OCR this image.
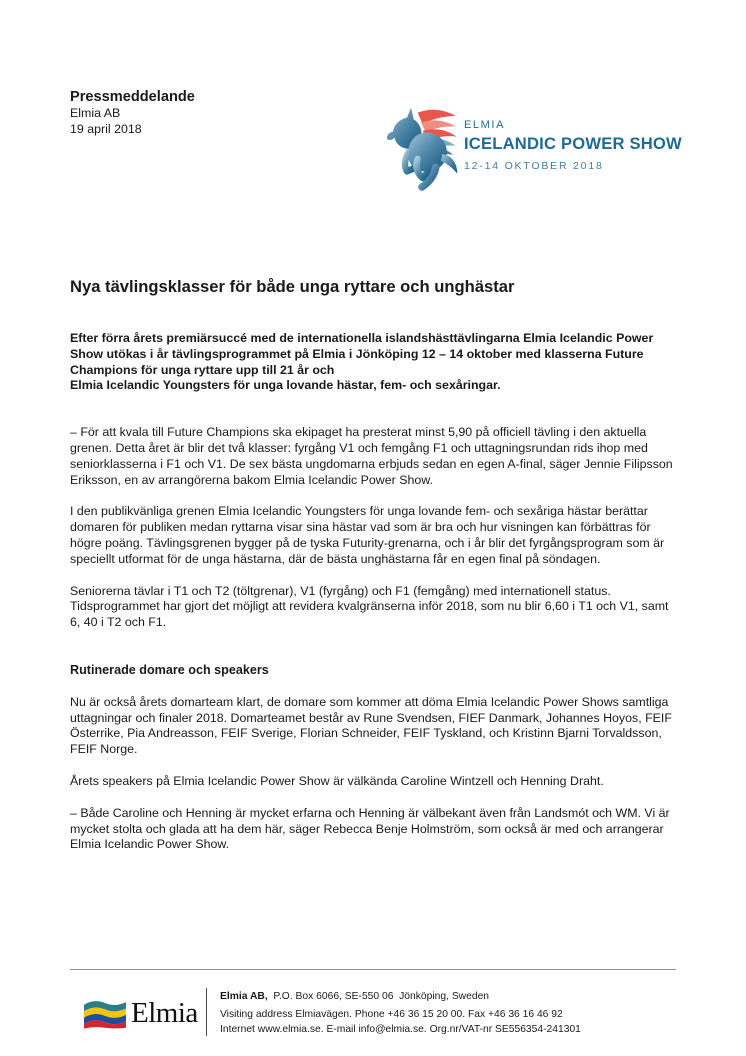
Pressmeddelande
Elmia AB
19 april 2018	ELMIA
ICELANDIC POWER SHOW
12-14 OKTOBER 2018
Nya tävlingsklasser för både unga ryttare och unghästar

Efter förra årets premiärsuccé med de internationella islandshästtävlingarna Elmia Icelandic Power Show utökas i år tävlingsprogrammet på Elmia i Jönköping 12 – 14 oktober med klasserna Future Champions för unga ryttare upp till 21 år och
Elmia Icelandic Youngsters för unga lovande hästar, fem- och sexåringar.

– För att kvala till Future Champions ska ekipaget ha presterat minst 5,90 på officiell tävling i den aktuella grenen. Detta året är blir det två klasser: fyrgång V1 och femgång F1 och uttagningsrundan rids ihop med seniorklasserna i F1 och V1. De sex bästa ungdomarna erbjuds sedan en egen A-final, säger Jennie Filipsson Eriksson, en av arrangörerna bakom Elmia Icelandic Power Show.

I den publikvänliga grenen Elmia Icelandic Youngsters för unga lovande fem- och sexåriga hästar berättar domaren för publiken medan ryttarna visar sina hästar vad som är bra och hur visningen kan förbättras för högre poäng. Tävlingsgrenen bygger på de tyska Futurity-grenarna, och i år blir det fyrgångsprogram som är speciellt utformat för de unga hästarna, där de bästa unghästarna får en egen final på söndagen.

Seniorerna tävlar i T1 och T2 (töltgrenar), V1 (fyrgång) och F1 (femgång) med internationell status. Tidsprogrammet har gjort det möjligt att revidera kvalgränserna inför 2018, som nu blir 6,60 i T1 och V1, samt 6, 40 i T2 och F1.

Rutinerade domare och speakers

Nu är också årets domarteam klart, de domare som kommer att döma Elmia Icelandic Power Shows samtliga uttagningar och finaler 2018. Domarteamet består av Rune Svendsen, FIEF Danmark, Johannes Hoyos, FEIF Österrike, Pia Andreasson, FEIF Sverige, Florian Schneider, FEIF Tyskland, och Kristinn Bjarni Torvaldsson, FEIF Norge.

Årets speakers på Elmia Icelandic Power Show är välkända Caroline Wintzell och Henning Draht.

– Både Caroline och Henning är mycket erfarna och Henning är välbekant även från Landsmót och WM. Vi är mycket stolta och glada att ha dem här, säger Rebecca Benje Holmström, som också är med och arrangerar Elmia Icelandic Power Show.

Elmia
Elmia AB,  P.O. Box 6066, SE-550 06  Jönköping, Sweden
Visiting address Elmiavägen. Phone +46 36 15 20 00. Fax +46 36 16 46 92
Internet www.elmia.se. E-mail info@elmia.se. Org.nr/VAT-nr SE556354-241301
